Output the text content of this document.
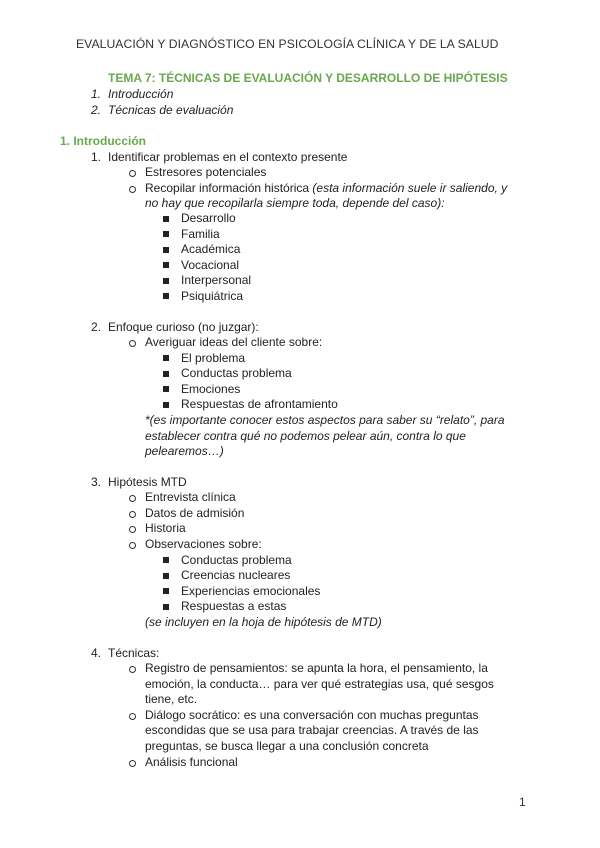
EVALUACIÓN Y DIAGNÓSTICO EN PSICOLOGÍA CLÍNICA Y DE LA SALUD
TEMA 7: TÉCNICAS DE EVALUACIÓN Y DESARROLLO DE HIPÓTESIS
1. Introducción
2. Técnicas de evaluación
1. Introducción
1. Identificar problemas en el contexto presente
Estresores potenciales
Recopilar información histórica (esta información suele ir saliendo, y
no hay que recopilarla siempre toda, depende del caso):
Desarrollo
Familia
Académica
Vocacional
Interpersonal
Psiquiátrica
2. Enfoque curioso (no juzgar):
Averiguar ideas del cliente sobre:
El problema
Conductas problema
Emociones
Respuestas de afrontamiento
*(es importante conocer estos aspectos para saber su “relato”, para
establecer contra qué no podemos pelear aún, contra lo que
pelearemos…)
3. Hipótesis MTD
Entrevista clínica
Datos de admisión
Historia
Observaciones sobre:
Conductas problema
Creencias nucleares
Experiencias emocionales
Respuestas a estas
(se incluyen en la hoja de hipótesis de MTD)
4. Técnicas:
Registro de pensamientos: se apunta la hora, el pensamiento, la
emoción, la conducta… para ver qué estrategias usa, qué sesgos
tiene, etc.
Diálogo socrático: es una conversación con muchas preguntas
escondidas que se usa para trabajar creencias. A través de las
preguntas, se busca llegar a una conclusión concreta
Análisis funcional
1
